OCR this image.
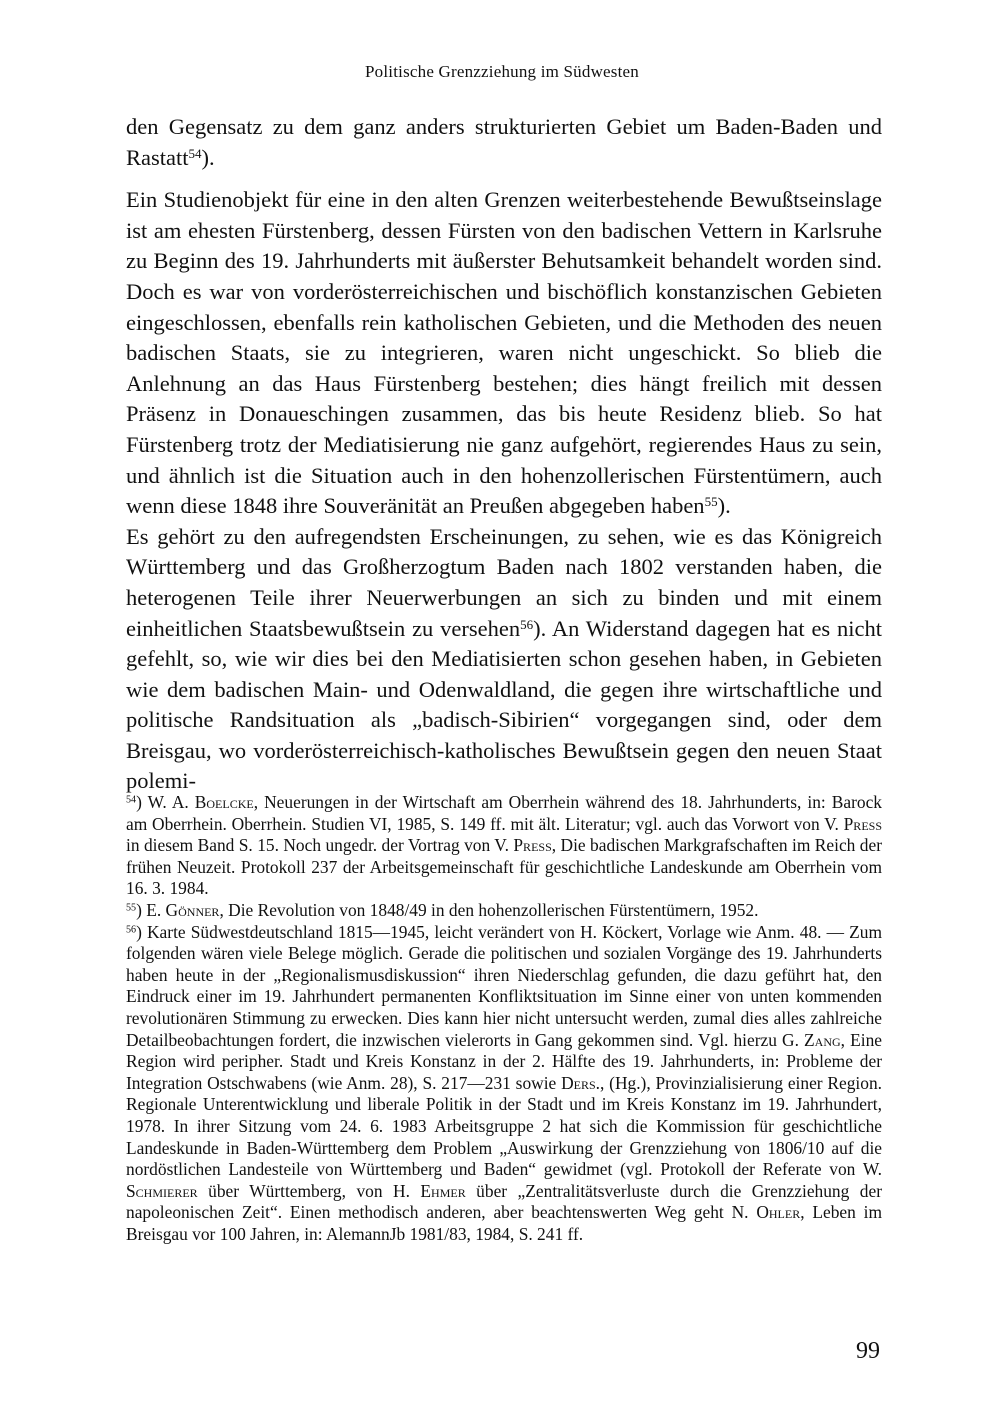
Politische Grenzziehung im Südwesten

den Gegensatz zu dem ganz anders strukturierten Gebiet um Baden-Baden und Rastatt$^{54}$).

Ein Studienobjekt für eine in den alten Grenzen weiterbestehende Bewußtseinslage ist am ehesten Fürstenberg, dessen Fürsten von den badischen Vettern in Karlsruhe zu Beginn des 19. Jahrhunderts mit äußerster Behutsamkeit behandelt worden sind. Doch es war von vorderösterreichischen und bischöflich konstanzischen Gebieten eingeschlossen, ebenfalls rein katholischen Gebieten, und die Methoden des neuen badischen Staats, sie zu integrieren, waren nicht ungeschickt. So blieb die Anlehnung an das Haus Fürstenberg bestehen; dies hängt freilich mit dessen Präsenz in Donaueschingen zusammen, das bis heute Residenz blieb. So hat Fürstenberg trotz der Mediatisierung nie ganz aufgehört, regierendes Haus zu sein, und ähnlich ist die Situation auch in den hohenzollerischen Fürstentümern, auch wenn diese 1848 ihre Souveränität an Preußen abgegeben haben$^{55}$).

Es gehört zu den aufregendsten Erscheinungen, zu sehen, wie es das Königreich Württemberg und das Großherzogtum Baden nach 1802 verstanden haben, die heterogenen Teile ihrer Neuerwerbungen an sich zu binden und mit einem einheitlichen Staatsbewußtsein zu versehen$^{56}$). An Widerstand dagegen hat es nicht gefehlt, so, wie wir dies bei den Mediatisierten schon gesehen haben, in Gebieten wie dem badischen Main- und Odenwaldland, die gegen ihre wirtschaftliche und politische Randsituation als „badisch-Sibirien“ vorgegangen sind, oder dem Breisgau, wo vorderösterreichisch-katholisches Bewußtsein gegen den neuen Staat polemi-

$^{54}$) W. A. Boelcke, Neuerungen in der Wirtschaft am Oberrhein während des 18. Jahrhunderts, in: Barock am Oberrhein. Oberrhein. Studien VI, 1985, S. 149 ff. mit ält. Literatur; vgl. auch das Vorwort von V. Press in diesem Band S. 15. Noch ungedr. der Vortrag von V. Press, Die badischen Markgrafschaften im Reich der frühen Neuzeit. Protokoll 237 der Arbeitsgemeinschaft für geschichtliche Landeskunde am Oberrhein vom 16. 3. 1984.

$^{55}$) E. Gönner, Die Revolution von 1848/49 in den hohenzollerischen Fürstentümern, 1952.

$^{56}$) Karte Südwestdeutschland 1815—1945, leicht verändert von H. Köckert, Vorlage wie Anm. 48. — Zum folgenden wären viele Belege möglich. Gerade die politischen und sozialen Vorgänge des 19. Jahrhunderts haben heute in der „Regionalismusdiskussion“ ihren Niederschlag gefunden, die dazu geführt hat, den Eindruck einer im 19. Jahrhundert permanenten Konfliktsituation im Sinne einer von unten kommenden revolutionären Stimmung zu erwecken. Dies kann hier nicht untersucht werden, zumal dies alles zahlreiche Detailbeobachtungen fordert, die inzwischen vielerorts in Gang gekommen sind. Vgl. hierzu G. Zang, Eine Region wird peripher. Stadt und Kreis Konstanz in der 2. Hälfte des 19. Jahrhunderts, in: Probleme der Integration Ostschwabens (wie Anm. 28), S. 217—231 sowie Ders., (Hg.), Provinzialisierung einer Region. Regionale Unterentwicklung und liberale Politik in der Stadt und im Kreis Konstanz im 19. Jahrhundert, 1978. In ihrer Sitzung vom 24. 6. 1983 Arbeitsgruppe 2 hat sich die Kommission für geschichtliche Landeskunde in Baden-Württemberg dem Problem „Auswirkung der Grenzziehung von 1806/10 auf die nordöstlichen Landesteile von Württemberg und Baden“ gewidmet (vgl. Protokoll der Referate von W. Schmierer über Württemberg, von H. Ehmer über „Zentralitätsverluste durch die Grenzziehung der napoleonischen Zeit“. Einen methodisch anderen, aber beachtenswerten Weg geht N. Ohler, Leben im Breisgau vor 100 Jahren, in: AlemannJb 1981/83, 1984, S. 241 ff.

99
